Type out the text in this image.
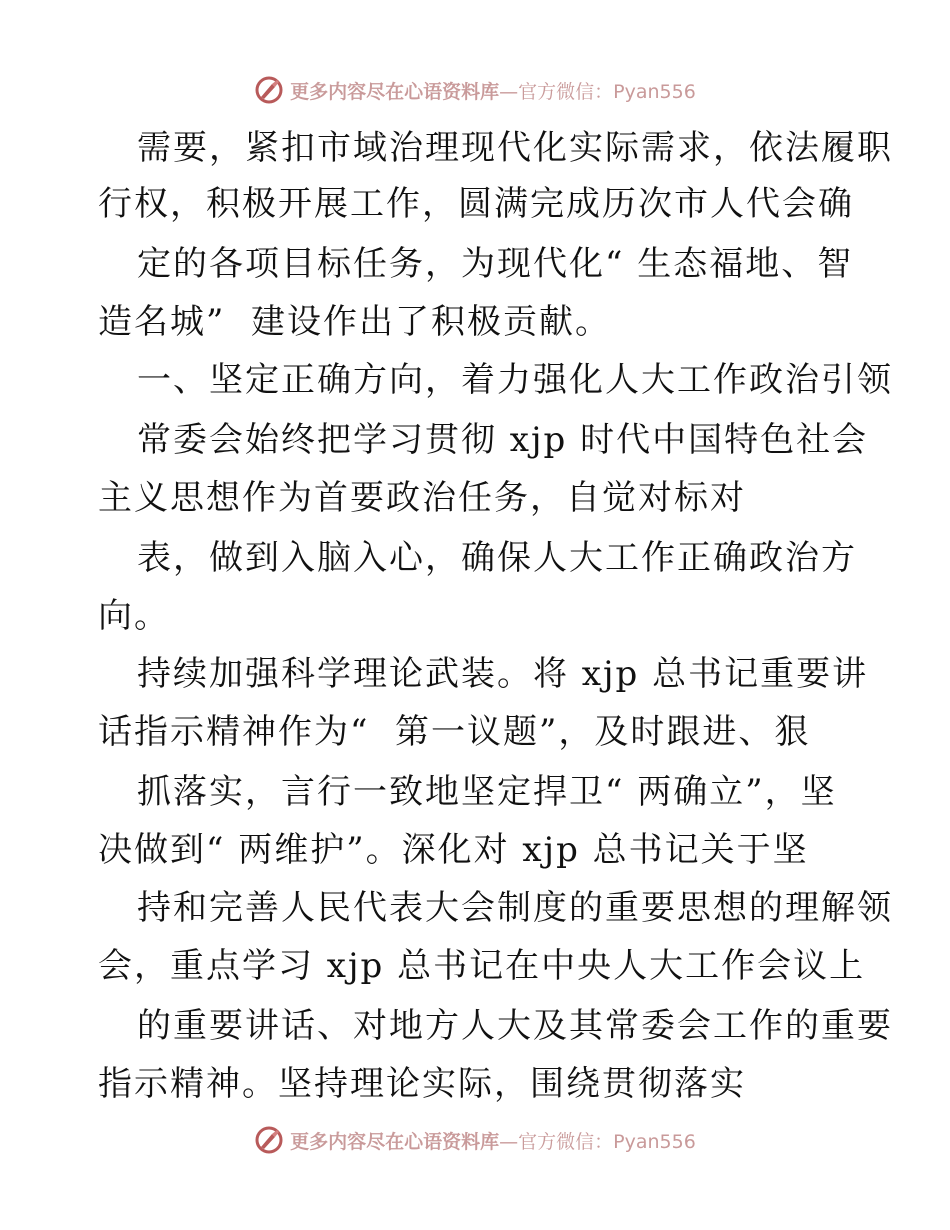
更多内容尽在心语资料库—官方微信：Pyan556
需要，紧扣市域治理现代化实际需求，依法履职
行权，积极开展工作，圆满完成历次市人代会确
定的各项目标任务，为现代化“ 生态福地、智
造名城”  建设作出了积极贡献。
一、坚定正确方向，着力强化人大工作政治引领
常委会始终把学习贯彻 xjp 时代中国特色社会
主义思想作为首要政治任务，自觉对标对
表，做到入脑入心，确保人大工作正确政治方
向。
持续加强科学理论武装。将 xjp 总书记重要讲
话指示精神作为“  第一议题”，及时跟进、狠
抓落实，言行一致地坚定捍卫“ 两确立”，坚
决做到“ 两维护”。深化对 xjp 总书记关于坚
持和完善人民代表大会制度的重要思想的理解领
会，重点学习 xjp 总书记在中央人大工作会议上
的重要讲话、对地方人大及其常委会工作的重要
指示精神。坚持理论实际，围绕贯彻落实
更多内容尽在心语资料库—官方微信：Pyan556
